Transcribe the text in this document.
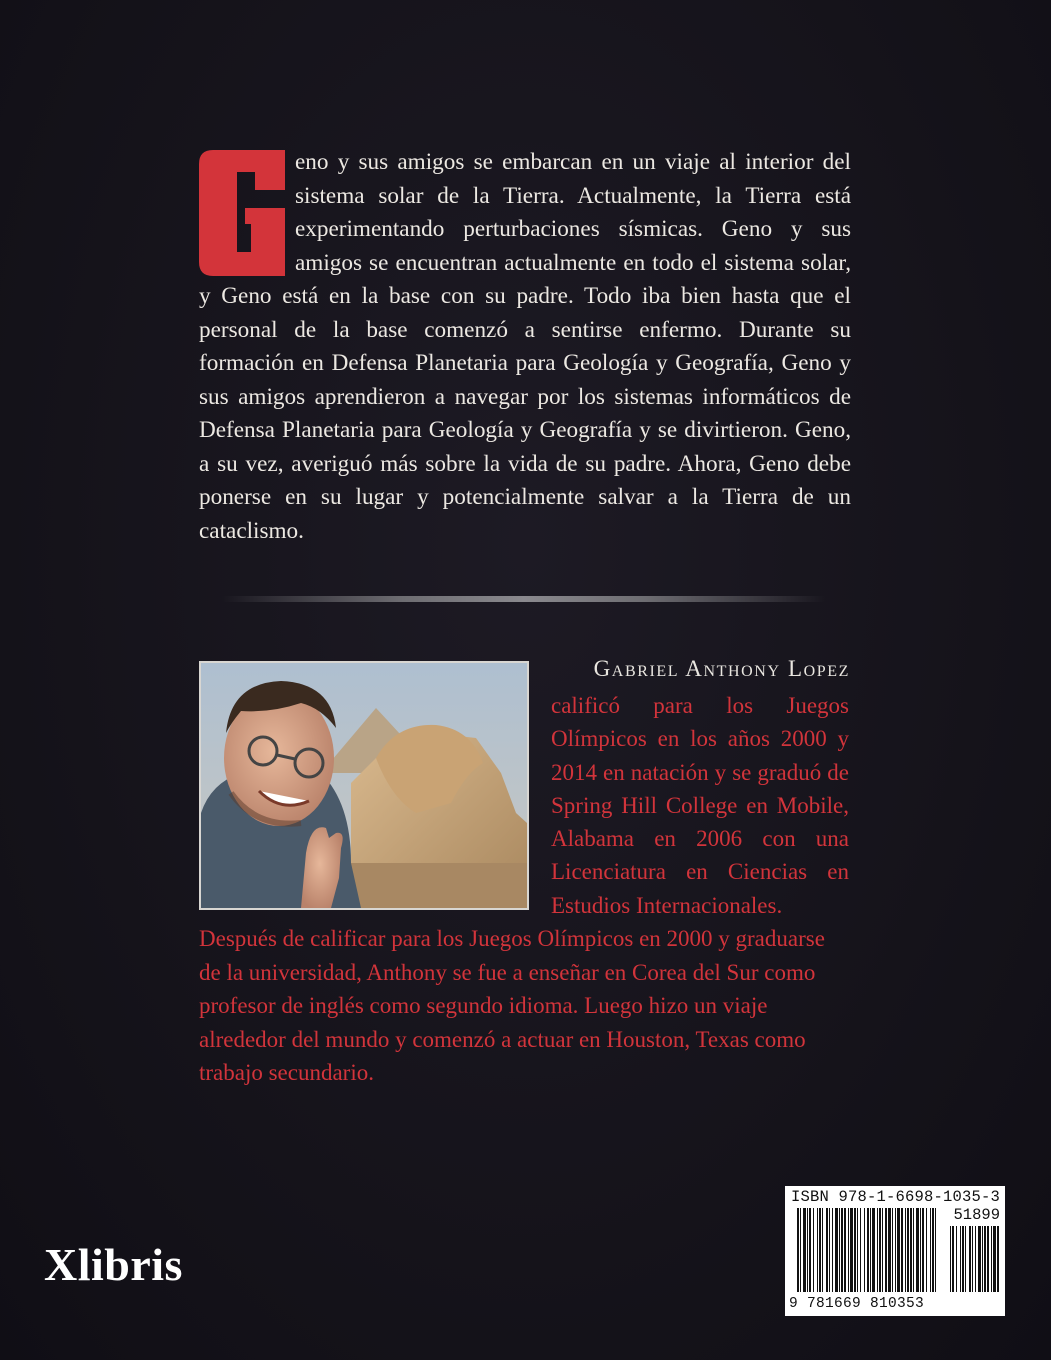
eno y sus amigos se embarcan en un viaje al interior del sistema solar de la Tierra. Actualmente, la Tierra está experimentando perturbaciones sísmicas. Geno y sus amigos se encuentran actualmente en todo el sistema solar, y Geno está en la base con su padre. Todo iba bien hasta que el personal de la base comenzó a sentirse enfermo. Durante su formación en Defensa Planetaria para Geología y Geografía, Geno y sus amigos aprendieron a navegar por los sistemas informáticos de Defensa Planetaria para Geología y Geografía y se divirtieron. Geno, a su vez, averiguó más sobre la vida de su padre. Ahora, Geno debe ponerse en su lugar y potencialmente salvar a la Tierra de un cataclismo.
Gabriel Anthony Lopez
calificó para los Juegos Olímpicos en los años 2000 y 2014 en natación y se graduó de Spring Hill College en Mobile, Alabama en 2006 con una Licenciatura en Ciencias en Estudios Internacionales.
Después de calificar para los Juegos Olímpicos en 2000 y graduarse de la universidad, Anthony se fue a enseñar en Corea del Sur como profesor de inglés como segundo idioma. Luego hizo un viaje alrededor del mundo y comenzó a actuar en Houston, Texas como trabajo secundario.
Xlibris
ISBN 978-1-6698-1035-3
51899
9 781669 810353
